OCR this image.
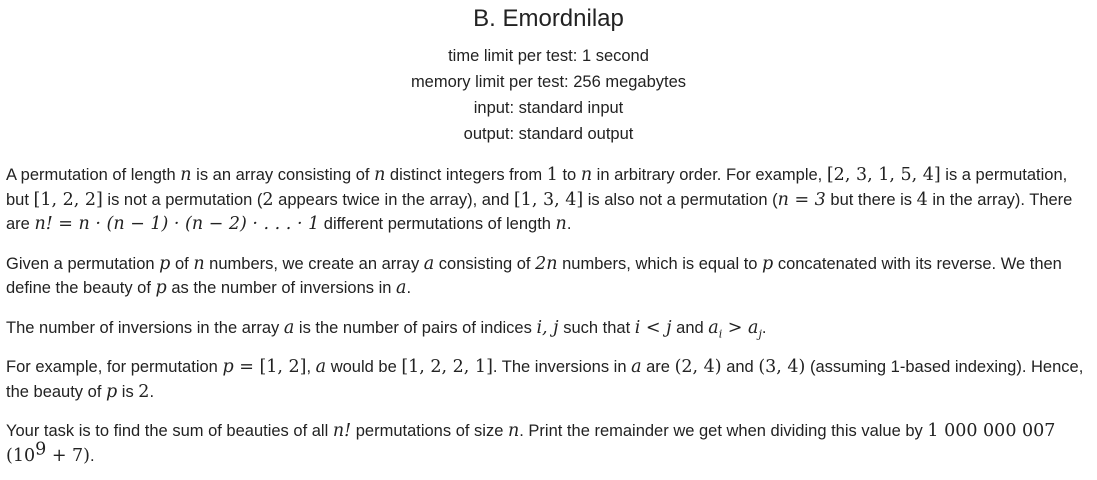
B. Emordnilap
time limit per test: 1 second
memory limit per test: 256 megabytes
input: standard input
output: standard output

A permutation of length n is an array consisting of n distinct integers from 1 to n in arbitrary order. For example, [2, 3, 1, 5, 4] is a permutation, but [1, 2, 2] is not a permutation (2 appears twice in the array), and [1, 3, 4] is also not a permutation (n = 3 but there is 4 in the array). There are n! = n · (n − 1) · (n − 2) · . . . · 1 different permutations of length n.

Given a permutation p of n numbers, we create an array a consisting of 2n numbers, which is equal to p concatenated with its reverse. We then define the beauty of p as the number of inversions in a.

The number of inversions in the array a is the number of pairs of indices i, j such that i < j and $a_i > a_j$.

For example, for permutation p = [1, 2], a would be [1, 2, 2, 1]. The inversions in a are (2, 4) and (3, 4) (assuming 1-based indexing). Hence, the beauty of p is 2.

Your task is to find the sum of beauties of all n! permutations of size n. Print the remainder we get when dividing this value by 1 000 000 007 $(10^9 + 7)$.
